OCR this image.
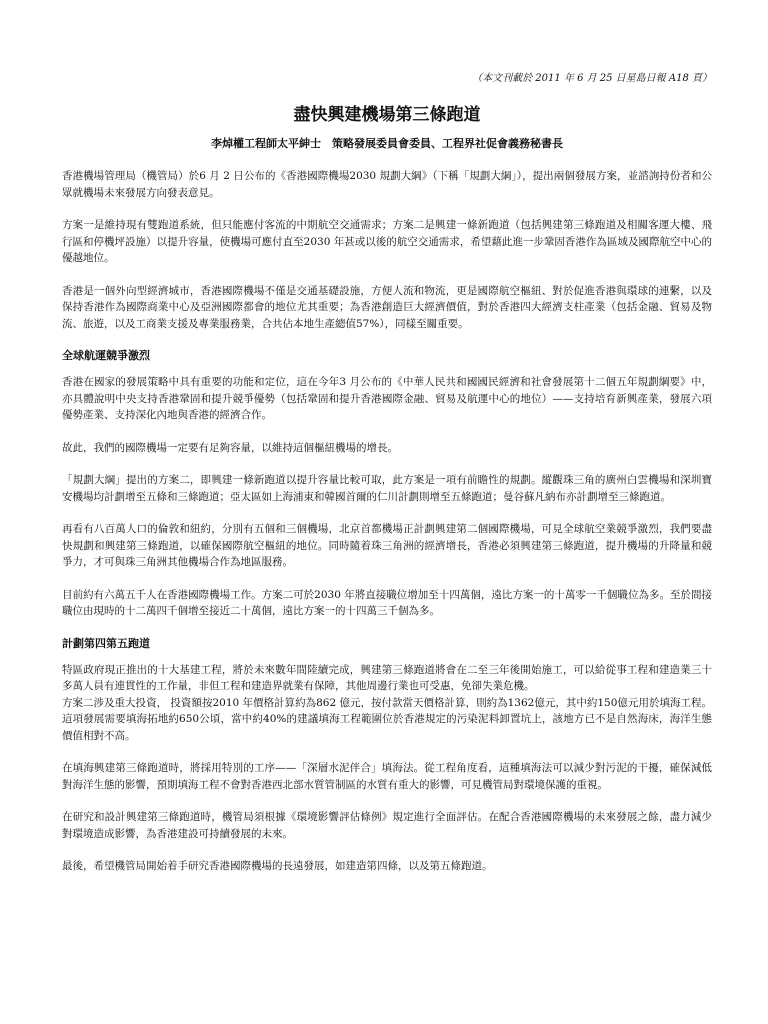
（本文刊載於 2011 年 6 月 25 日星島日報 A18 頁）

盡快興建機場第三條跑道

李焯權工程師太平紳士　策略發展委員會委員、工程界社促會義務秘書長

香港機場管理局（機管局）於6 月 2 日公布的《香港國際機場2030 規劃大綱》（下稱「規劃大綱」），提出兩個發展方案，並諮詢持份者和公眾就機場未來發展方向發表意見。

方案一是維持現有雙跑道系統，但只能應付客流的中期航空交通需求；方案二是興建一條新跑道（包括興建第三條跑道及相關客運大樓、飛行區和停機坪設施）以提升容量，使機場可應付直至2030 年甚或以後的航空交通需求，希望藉此進一步鞏固香港作為區域及國際航空中心的優越地位。

香港是一個外向型經濟城市，香港國際機場不僅是交通基礎設施，方便人流和物流，更是國際航空樞紐、對於促進香港與環球的連繫，以及保持香港作為國際商業中心及亞洲國際都會的地位尤其重要；為香港創造巨大經濟價值，對於香港四大經濟支柱產業（包括金融、貿易及物流、旅遊，以及工商業支援及專業服務業，合共佔本地生產總值57%），同樣至關重要。

全球航運競爭激烈

香港在國家的發展策略中具有重要的功能和定位，這在今年3 月公布的《中華人民共和國國民經濟和社會發展第十二個五年規劃綱要》中，亦具體說明中央支持香港鞏固和提升競爭優勢（包括鞏固和提升香港國際金融、貿易及航運中心的地位）——支持培育新興產業，發展六項優勢產業、支持深化內地與香港的經濟合作。

故此，我們的國際機場一定要有足夠容量，以維持這個樞紐機場的增長。

「規劃大綱」提出的方案二，即興建一條新跑道以提升容量比較可取，此方案是一項有前瞻性的規劃。縱觀珠三角的廣州白雲機場和深圳寶安機場均計劃增至五條和三條跑道；亞太區如上海浦東和韓國首爾的仁川計劃則增至五條跑道；曼谷蘇凡納布亦計劃增至三條跑道。

再看有八百萬人口的倫敦和紐約，分別有五個和三個機場，北京首都機場正計劃興建第二個國際機場，可見全球航空業競爭激烈，我們要盡快規劃和興建第三條跑道，以確保國際航空樞紐的地位。同時隨着珠三角洲的經濟增長，香港必須興建第三條跑道，提升機場的升降量和競爭力，才可與珠三角洲其他機場合作為地區服務。

目前約有六萬五千人在香港國際機場工作。方案二可於2030 年將直接職位增加至十四萬個，遠比方案一的十萬零一千個職位為多。至於間接職位由現時的十二萬四千個增至接近二十萬個，遠比方案一的十四萬三千個為多。

計劃第四第五跑道

特區政府現正推出的十大基建工程，將於未來數年間陸續完成，興建第三條跑道將會在二至三年後開始施工，可以給從事工程和建造業三十多萬人員有連貫性的工作量，非但工程和建造界就業有保障，其他周邊行業也可受惠，免卻失業危機。

方案二涉及重大投資， 投資額按2010 年價格計算約為862 億元，按付款當天價格計算，則約為1362億元，其中約150億元用於填海工程。這項發展需要填海拓地約650公頃，當中約40%的建議填海工程範圍位於香港規定的污染泥料卸置坑上，該地方已不是自然海床，海洋生態價值相對不高。

在填海興建第三條跑道時，將採用特別的工序——「深層水泥伴合」填海法。從工程角度看，這種填海法可以減少對污泥的干擾，確保減低對海洋生態的影響，預期填海工程不會對香港西北部水質管制區的水質有重大的影響，可見機管局對環境保護的重視。

在研究和設計興建第三條跑道時，機管局須根據《環境影響評估條例》規定進行全面評估。在配合香港國際機場的未來發展之餘，盡力減少對環境造成影響，為香港建設可持續發展的未來。

最後，希望機管局開始着手研究香港國際機場的長遠發展，如建造第四條，以及第五條跑道。
